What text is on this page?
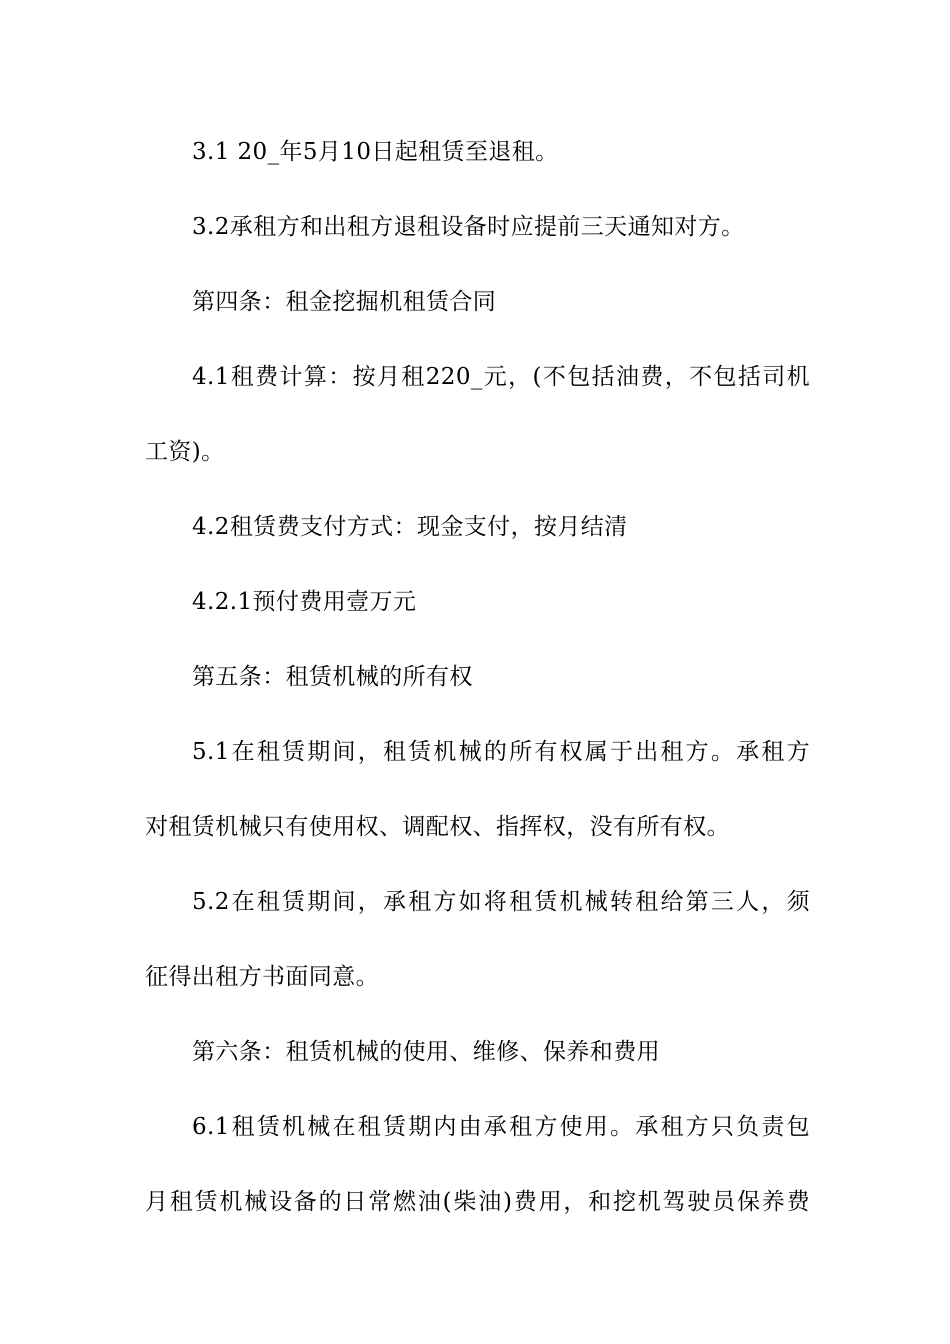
3.1 20_年5月10日起租赁至退租。
3.2承租方和出租方退租设备时应提前三天通知对方。
第四条：租金挖掘机租赁合同
4.1租费计算：按月租220_元，(不包括油费，不包括司机
工资)。
4.2租赁费支付方式：现金支付，按月结清
4.2.1预付费用壹万元
第五条：租赁机械的所有权
5.1在租赁期间，租赁机械的所有权属于出租方。承租方
对租赁机械只有使用权、调配权、指挥权，没有所有权。
5.2在租赁期间，承租方如将租赁机械转租给第三人，须
征得出租方书面同意。
第六条：租赁机械的使用、维修、保养和费用
6.1租赁机械在租赁期内由承租方使用。承租方只负责包
月租赁机械设备的日常燃油(柴油)费用，和挖机驾驶员保养费
